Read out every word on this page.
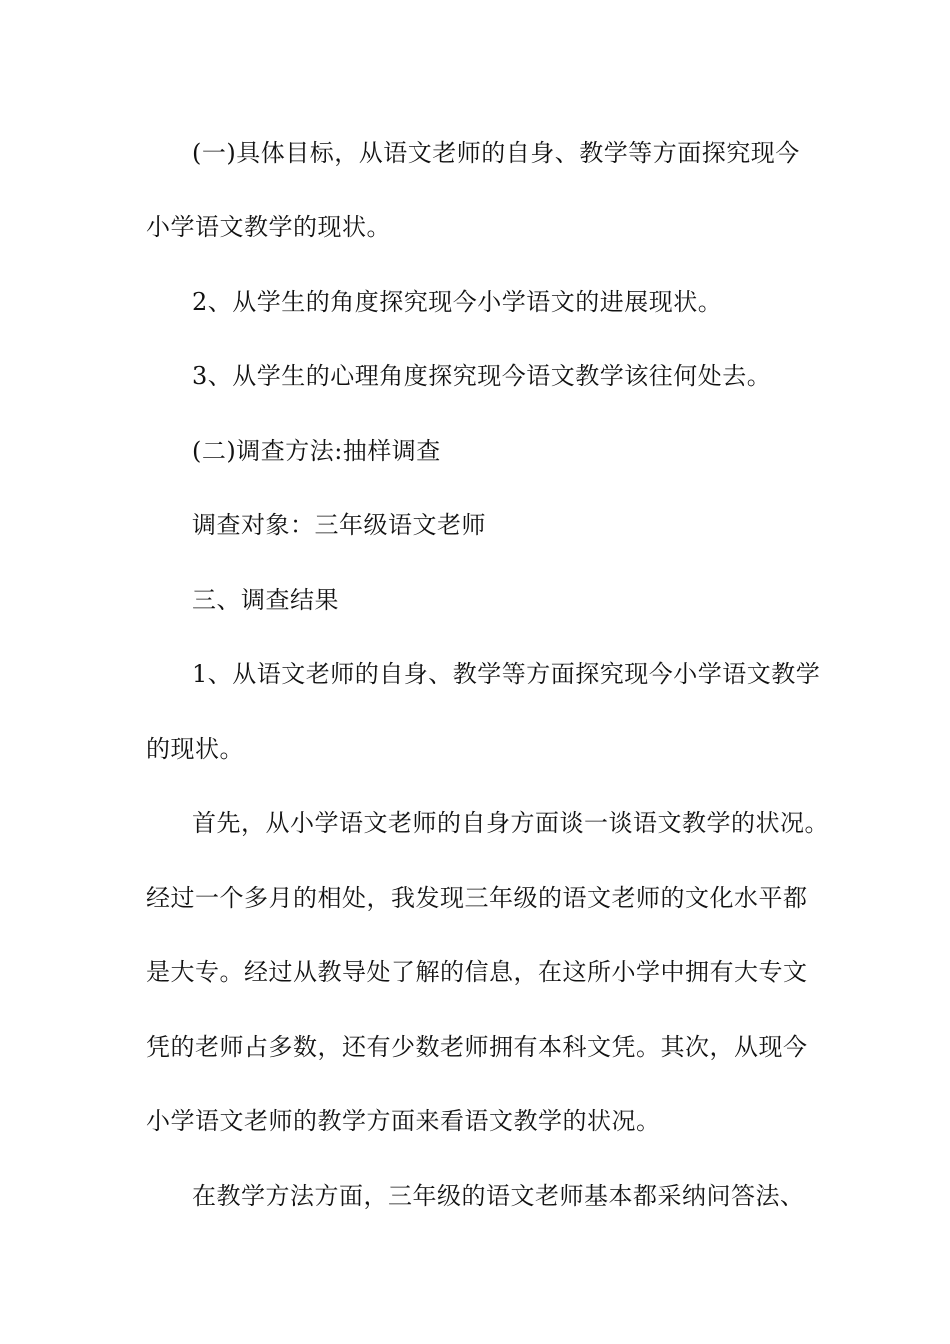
(一)具体目标，从语文老师的自身、教学等方面探究现今
小学语文教学的现状。
2、从学生的角度探究现今小学语文的进展现状。
3、从学生的心理角度探究现今语文教学该往何处去。
(二)调查方法:抽样调查
调查对象：三年级语文老师
三、调查结果
1、从语文老师的自身、教学等方面探究现今小学语文教学
的现状。
首先，从小学语文老师的自身方面谈一谈语文教学的状况。
经过一个多月的相处，我发现三年级的语文老师的文化水平都
是大专。经过从教导处了解的信息，在这所小学中拥有大专文
凭的老师占多数，还有少数老师拥有本科文凭。其次，从现今
小学语文老师的教学方面来看语文教学的状况。
在教学方法方面，三年级的语文老师基本都采纳问答法、
